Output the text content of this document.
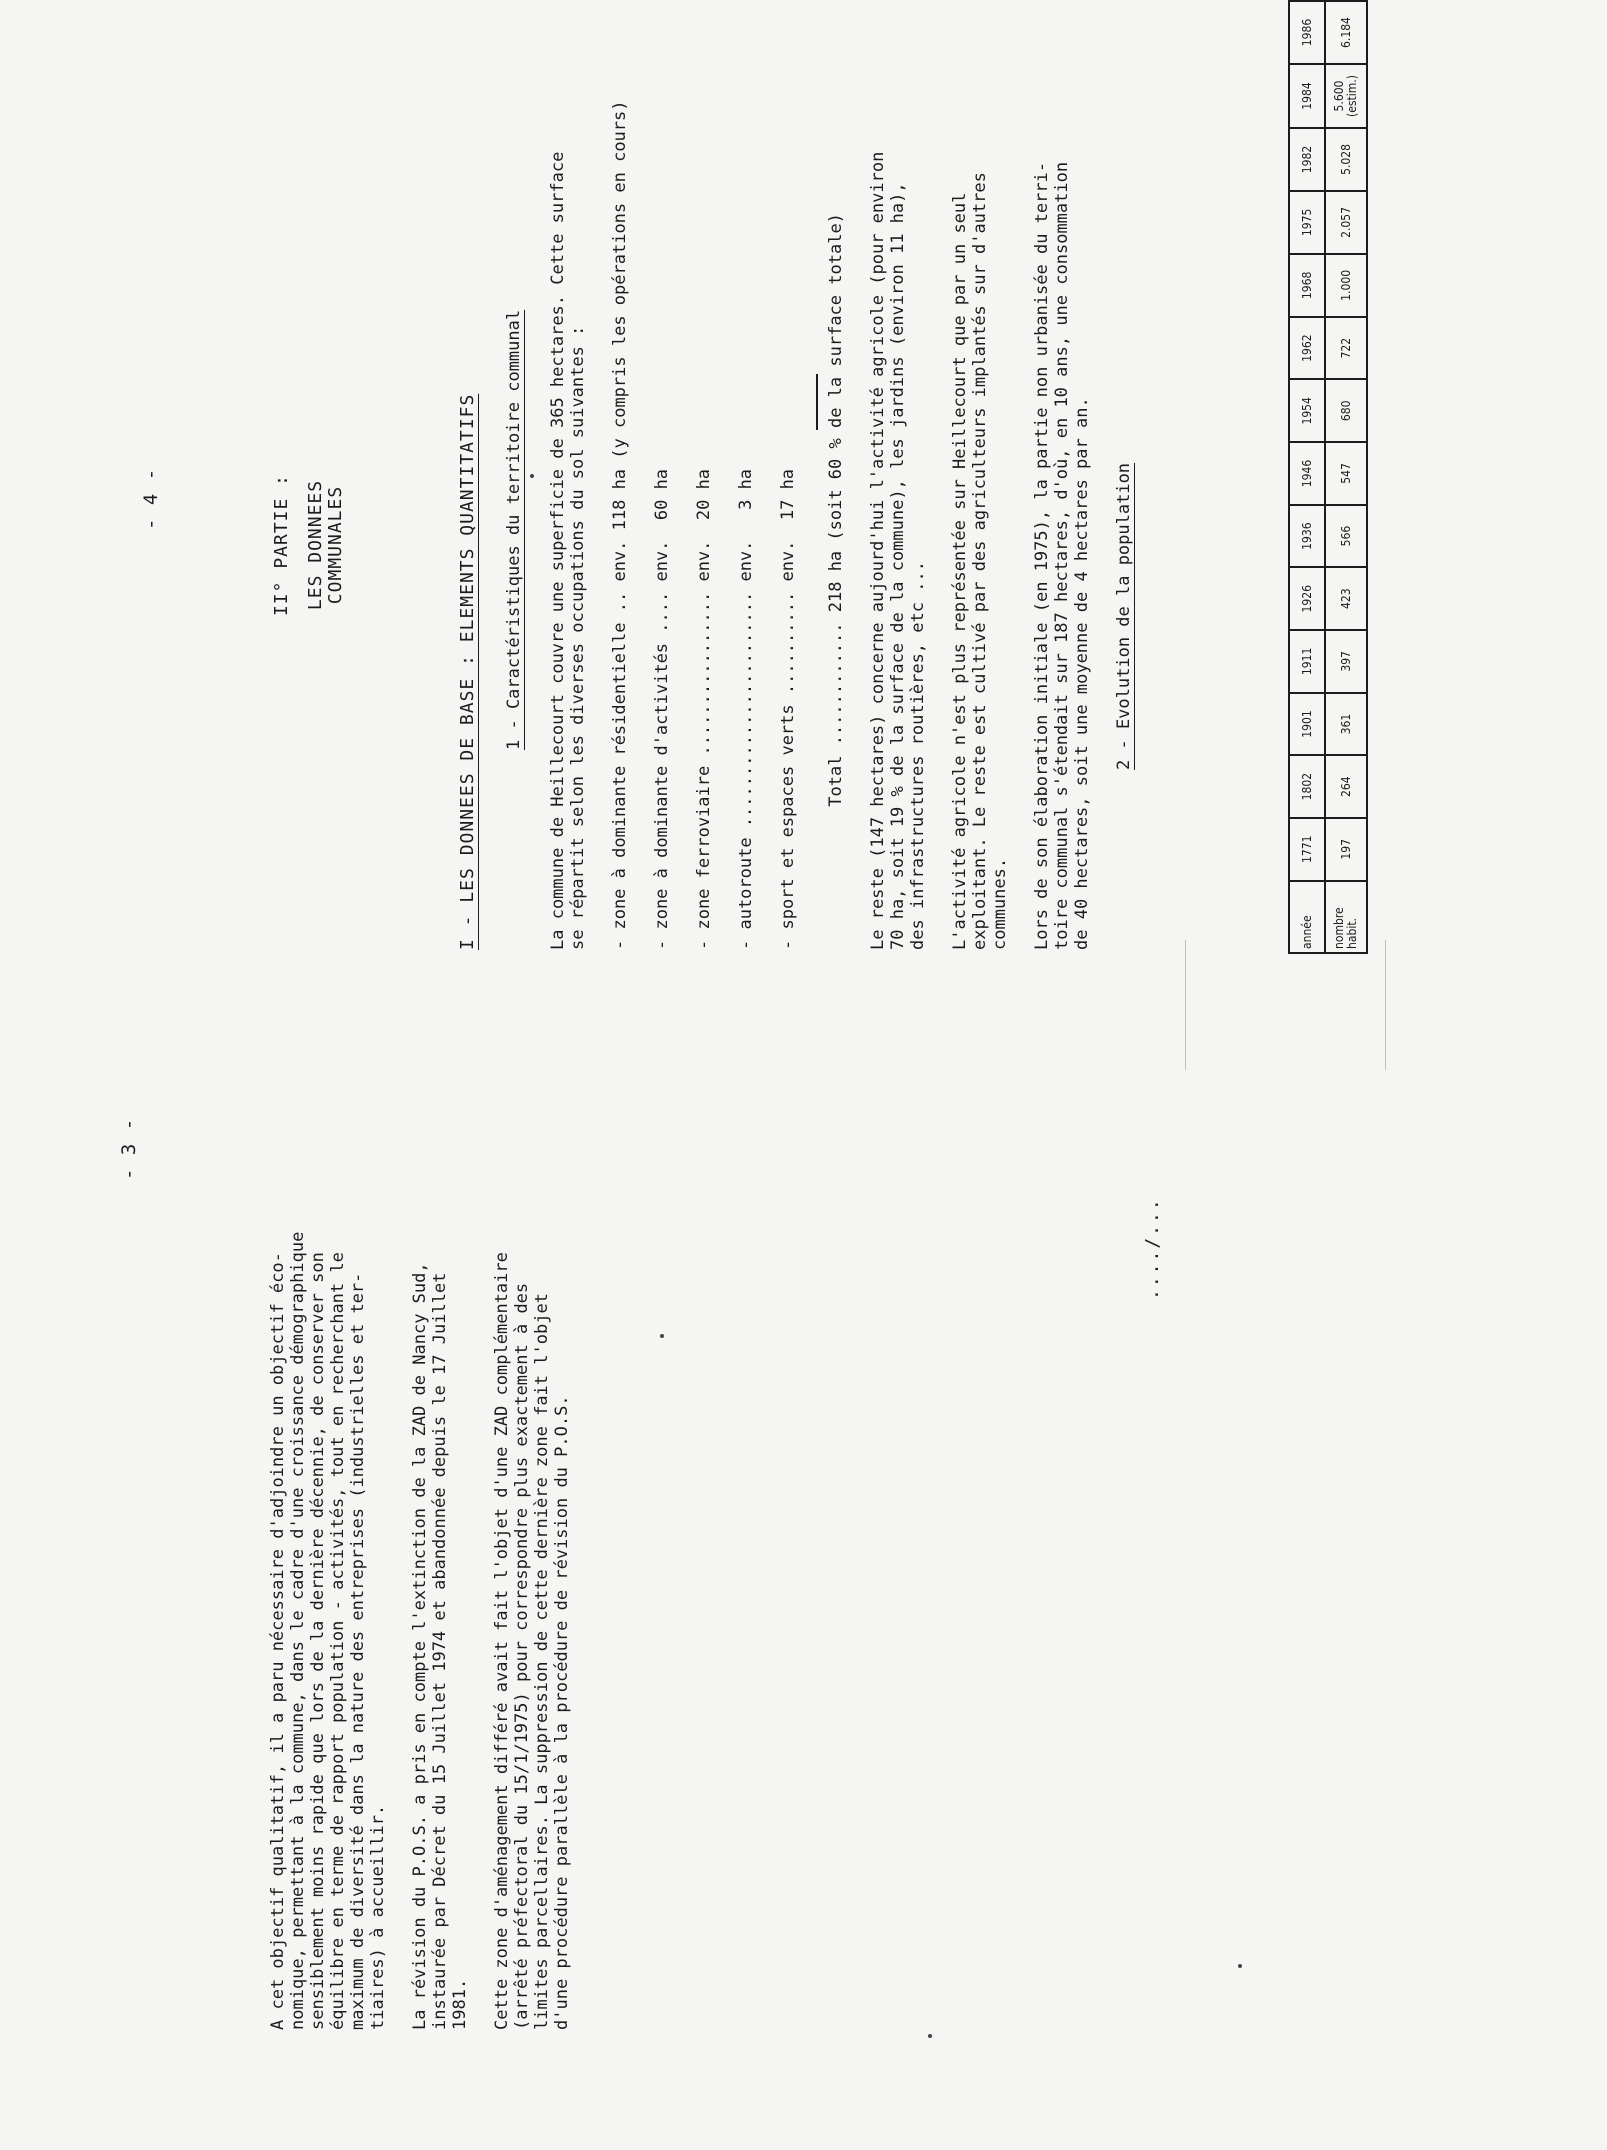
- 3 -

A cet objectif qualitatif, il a paru nécessaire d'adjoindre un objectif éco- nomique, permettant à la commune, dans le cadre d'une croissance démographique sensiblement moins rapide que lors de la dernière décennie, de conserver son équilibre en terme de rapport population - activités, tout en recherchant le maximum de diversité dans la nature des entreprises (industrielles et ter- tiaires) à accueillir. La révision du P.O.S. a pris en compte l'extinction de la ZAD de Nancy Sud, instaurée par Décret du 15 Juillet 1974 et abandonnée depuis le 17 Juillet 1981. Cette zone d'aménagement différé avait fait l'objet d'une ZAD complémentaire (arrêté préfectoral du 15/1/1975) pour correspondre plus exactement à des limites parcellaires. La suppression de cette dernière zone fait l'objet d'une procédure parallèle à la procédure de révision du P.O.S.

..../...
- 4 -	II° PARTIE : LES DONNEES COMMUNALES	I - LES DONNEES DE BASE : ELEMENTS QUANTITATIFS 1 - Caractéristiques du territoire communal La commune de Heillecourt couvre une superficie de 365 hectares. Cette surface se répartit selon les diverses occupations du sol suivantes : - zone à dominante résidentielle .. env. 118 ha (y compris les opérations en cours) - zone à dominante d'activités .... env.  60 ha - zone ferroviaire ................ env.  20 ha - autoroute ....................... env.   3 ha - sport et espaces verts .......... env.  17 ha Total ............ 218 ha (soit 60 % de la surface totale) Le reste (147 hectares) concerne aujourd'hui l'activité agricole (pour environ 70 ha, soit 19 % de la surface de la commune), les jardins (environ 11 ha), des infrastructures routières, etc ... L'activité agricole n'est plus représentée sur Heillecourt que par un seul exploitant. Le reste est cultivé par des agriculteurs implantés sur d'autres communes. Lors de son élaboration initiale (en 1975), la partie non urbanisée du terri- toire communal s'étendait sur 187 hectares, d'où, en 10 ans, une consommation de 40 hectares, soit une moyenne de 4 hectares par an. 2 - Evolution de la population
année	1771	1802	1901	1911	1926	1936	1946	1954	1962	1968	1975	1982	1984	1986
nombre habit.	197	264	361	397	423	566	547	680	722	1.000	2.057	5.028	5.600 (estim.)	6.184
